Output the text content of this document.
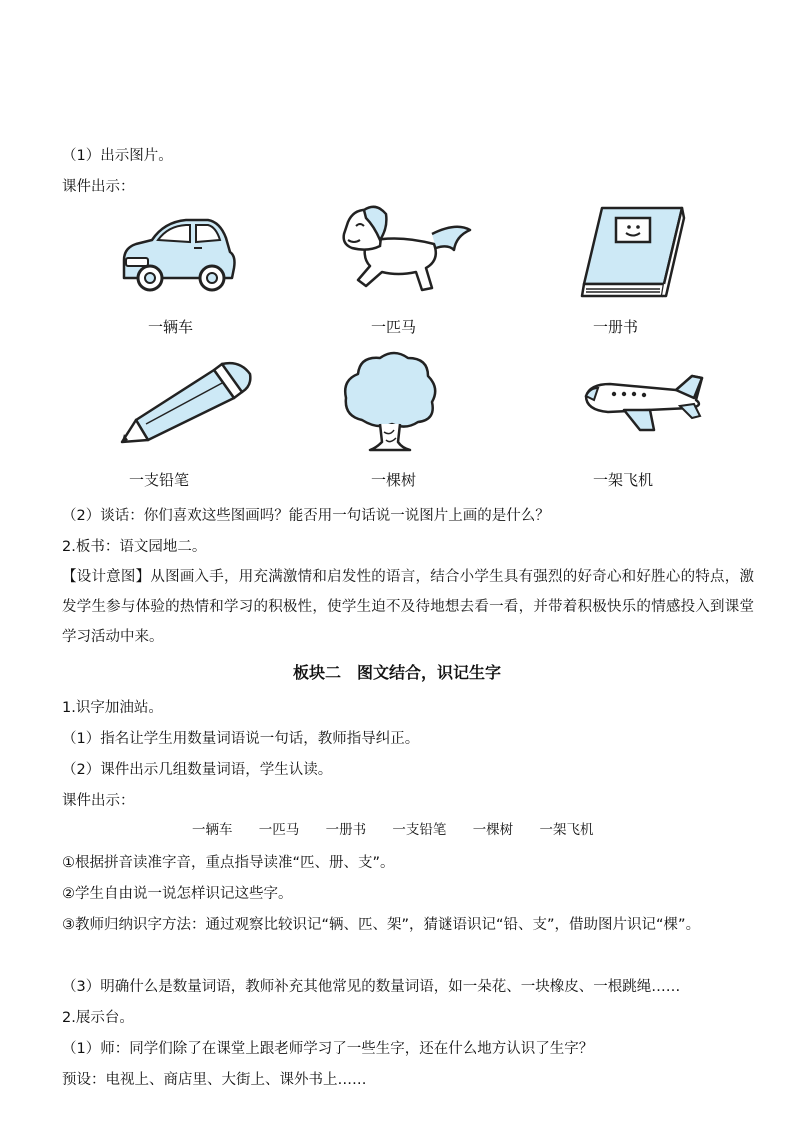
（1）出示图片。
课件出示：
一辆车	一匹马	一册书
一支铅笔	一棵树	一架飞机
（2）谈话：你们喜欢这些图画吗？能否用一句话说一说图片上画的是什么？
2.板书：语文园地二。
【设计意图】从图画入手，用充满激情和启发性的语言，结合小学生具有强烈的好奇心和好胜心的特点，激发学生参与体验的热情和学习的积极性，使学生迫不及待地想去看一看，并带着积极快乐的情感投入到课堂学习活动中来。
板块二　图文结合，识记生字
1.识字加油站。
（1）指名让学生用数量词语说一句话，教师指导纠正。
（2）课件出示几组数量词语，学生认读。
课件出示：
一辆车 一匹马 一册书 一支铅笔 一棵树 一架飞机
①根据拼音读准字音，重点指导读准“匹、册、支”。
②学生自由说一说怎样识记这些字。
③教师归纳识字方法：通过观察比较识记“辆、匹、架”，猜谜语识记“铅、支”，借助图片识记“棵”。
（3）明确什么是数量词语，教师补充其他常见的数量词语，如一朵花、一块橡皮、一根跳绳……
2.展示台。
（1）师：同学们除了在课堂上跟老师学习了一些生字，还在什么地方认识了生字？
预设：电视上、商店里、大街上、课外书上……
